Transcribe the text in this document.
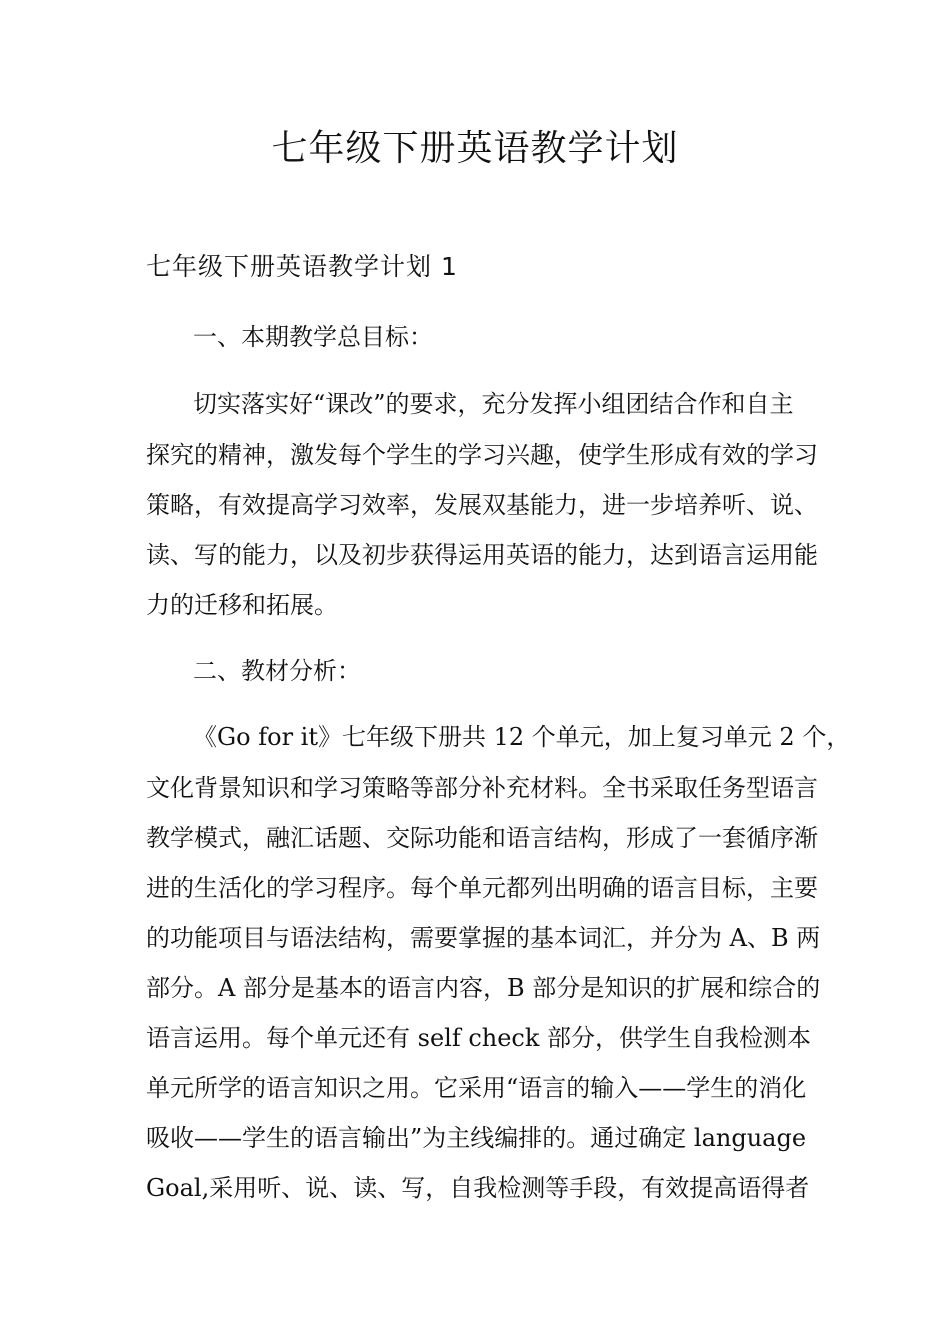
七年级下册英语教学计划
七年级下册英语教学计划 1
一、本期教学总目标：
切实落实好“课改”的要求，充分发挥小组团结合作和自主
探究的精神，激发每个学生的学习兴趣，使学生形成有效的学习
策略，有效提高学习效率，发展双基能力，进一步培养听、说、
读、写的能力，以及初步获得运用英语的能力，达到语言运用能
力的迁移和拓展。
二、教材分析：
《Go for it》七年级下册共 12 个单元，加上复习单元 2 个，
文化背景知识和学习策略等部分补充材料。全书采取任务型语言
教学模式，融汇话题、交际功能和语言结构，形成了一套循序渐
进的生活化的学习程序。每个单元都列出明确的语言目标，主要
的功能项目与语法结构，需要掌握的基本词汇，并分为 A、B 两
部分。A 部分是基本的语言内容，B 部分是知识的扩展和综合的
语言运用。每个单元还有 self check 部分，供学生自我检测本
单元所学的语言知识之用。它采用“语言的输入——学生的消化
吸收——学生的语言输出”为主线编排的。通过确定 language
Goal,采用听、说、读、写，自我检测等手段，有效提高语得者
